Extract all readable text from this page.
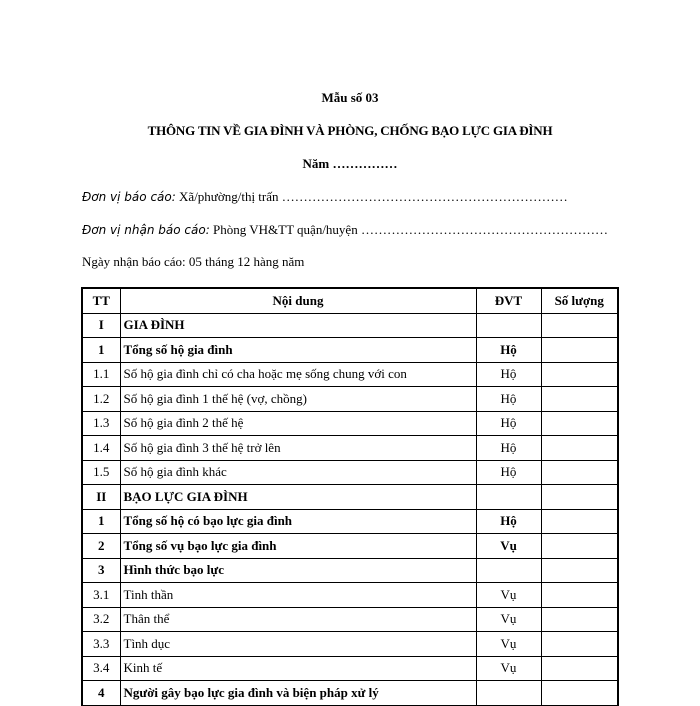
Mẫu số 03
THÔNG TIN VỀ GIA ĐÌNH VÀ PHÒNG, CHỐNG BẠO LỰC GIA ĐÌNH
Năm ……………
Đơn vị báo cáo: Xã/phường/thị trấn …………………………………………………………
Đơn vị nhận báo cáo: Phòng VH&TT quận/huyện …………………………………………………
Ngày nhận báo cáo: 05 tháng 12 hàng năm
TT	Nội dung	ĐVT	Số lượng
I	GIA ĐÌNH		
1	Tổng số hộ gia đình	Hộ	
1.1	Số hộ gia đình chỉ có cha hoặc mẹ sống chung với con	Hộ	
1.2	Số hộ gia đình 1 thế hệ (vợ, chồng)	Hộ	
1.3	Số hộ gia đình 2 thế hệ	Hộ	
1.4	Số hộ gia đình 3 thế hệ trở lên	Hộ	
1.5	Số hộ gia đình khác	Hộ	
II	BẠO LỰC GIA ĐÌNH		
1	Tổng số hộ có bạo lực gia đình	Hộ	
2	Tổng số vụ bạo lực gia đình	Vụ	
3	Hình thức bạo lực		
3.1	Tinh thần	Vụ	
3.2	Thân thể	Vụ	
3.3	Tình dục	Vụ	
3.4	Kinh tế	Vụ	
4	Người gây bạo lực gia đình và biện pháp xử lý		
